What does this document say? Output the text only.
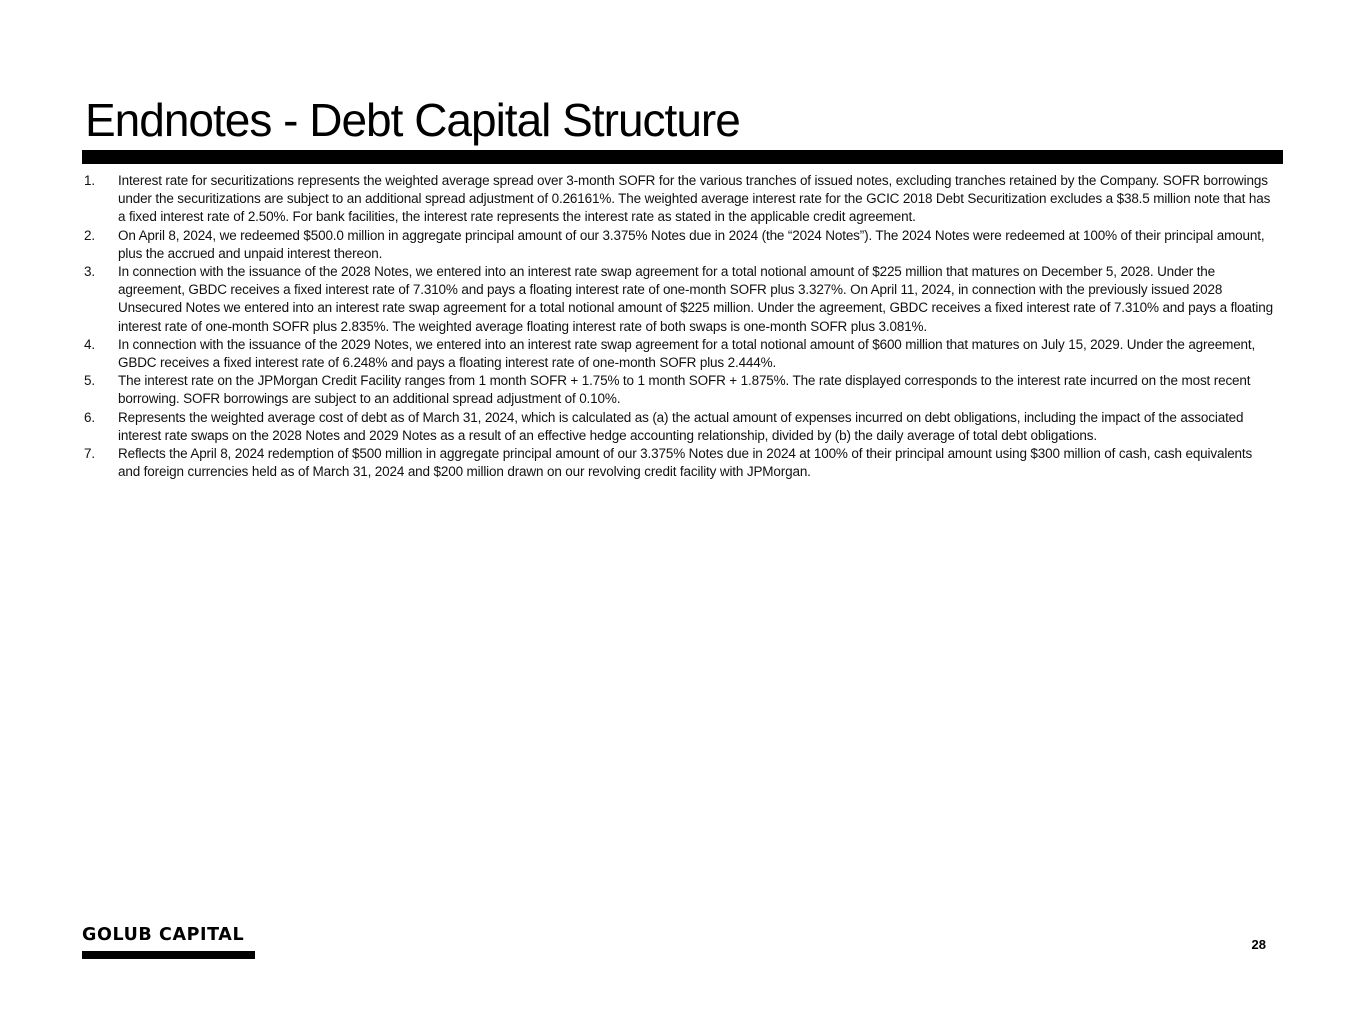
Endnotes - Debt Capital Structure
1.	Interest rate for securitizations represents the weighted average spread over 3-month SOFR for the various tranches of issued notes, excluding tranches retained by the Company. SOFR borrowings under the securitizations are subject to an additional spread adjustment of 0.26161%. The weighted average interest rate for the GCIC 2018 Debt Securitization excludes a $38.5 million note that has a fixed interest rate of 2.50%. For bank facilities, the interest rate represents the interest rate as stated in the applicable credit agreement.
2.	On April 8, 2024, we redeemed $500.0 million in aggregate principal amount of our 3.375% Notes due in 2024 (the “2024 Notes”). The 2024 Notes were redeemed at 100% of their principal amount, plus the accrued and unpaid interest thereon.
3.	In connection with the issuance of the 2028 Notes, we entered into an interest rate swap agreement for a total notional amount of $225 million that matures on December 5, 2028. Under the agreement, GBDC receives a fixed interest rate of 7.310% and pays a floating interest rate of one-month SOFR plus 3.327%. On April 11, 2024, in connection with the previously issued 2028 Unsecured Notes we entered into an interest rate swap agreement for a total notional amount of $225 million. Under the agreement, GBDC receives a fixed interest rate of 7.310% and pays a floating interest rate of one-month SOFR plus 2.835%. The weighted average floating interest rate of both swaps is one-month SOFR plus 3.081%.
4.	In connection with the issuance of the 2029 Notes, we entered into an interest rate swap agreement for a total notional amount of $600 million that matures on July 15, 2029. Under the agreement, GBDC receives a fixed interest rate of 6.248% and pays a floating interest rate of one-month SOFR plus 2.444%.
5.	The interest rate on the JPMorgan Credit Facility ranges from 1 month SOFR + 1.75% to 1 month SOFR + 1.875%. The rate displayed corresponds to the interest rate incurred on the most recent borrowing. SOFR borrowings are subject to an additional spread adjustment of 0.10%.
6.	Represents the weighted average cost of debt as of March 31, 2024, which is calculated as (a) the actual amount of expenses incurred on debt obligations, including the impact of the associated interest rate swaps on the 2028 Notes and 2029 Notes as a result of an effective hedge accounting relationship, divided by (b) the daily average of total debt obligations.
7.	Reflects the April 8, 2024 redemption of $500 million in aggregate principal amount of our 3.375% Notes due in 2024 at 100% of their principal amount using $300 million of cash, cash equivalents and foreign currencies held as of March 31, 2024 and $200 million drawn on our revolving credit facility with JPMorgan.
GOLUB CAPITAL	28
